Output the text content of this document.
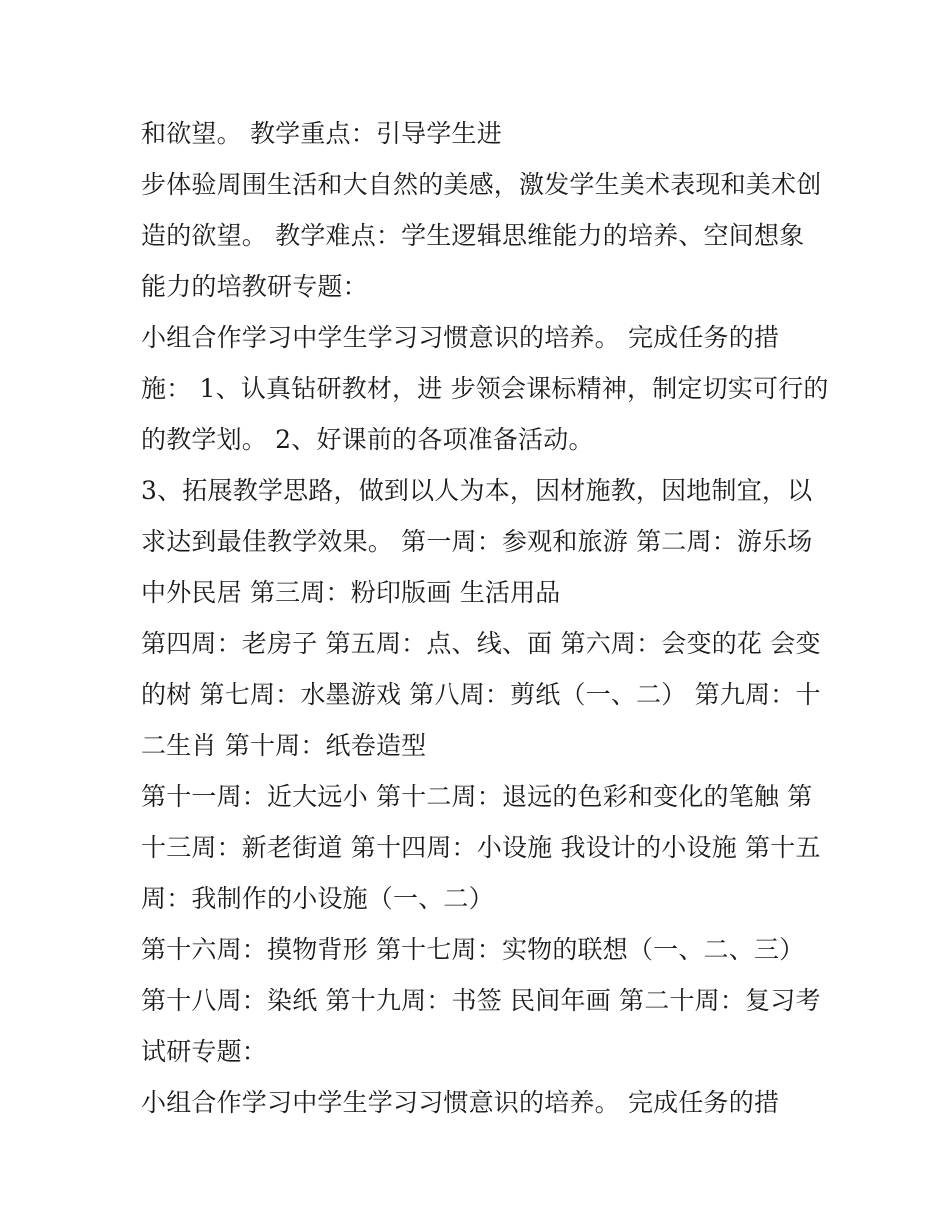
和欲望。 教学重点：引导学生进
步体验周围生活和大自然的美感，激发学生美术表现和美术创
造的欲望。 教学难点：学生逻辑思维能力的培养、空间想象
能力的培教研专题：
小组合作学习中学生学习习惯意识的培养。 完成任务的措
施： 1、认真钻研教材，进 步领会课标精神，制定切实可行的
的教学划。 2、好课前的各项准备活动。
3、拓展教学思路，做到以人为本，因材施教，因地制宜，以
求达到最佳教学效果。 第一周：参观和旅游 第二周：游乐场
中外民居 第三周：粉印版画 生活用品
第四周：老房子 第五周：点、线、面 第六周：会变的花 会变
的树 第七周：水墨游戏 第八周：剪纸（一、二） 第九周：十
二生肖 第十周：纸卷造型
第十一周：近大远小 第十二周：退远的色彩和变化的笔触 第
十三周：新老街道 第十四周：小设施 我设计的小设施 第十五
周：我制作的小设施（一、二）
第十六周：摸物背形 第十七周：实物的联想（一、二、三）
第十八周：染纸 第十九周：书签 民间年画 第二十周：复习考
试研专题：
小组合作学习中学生学习习惯意识的培养。 完成任务的措
